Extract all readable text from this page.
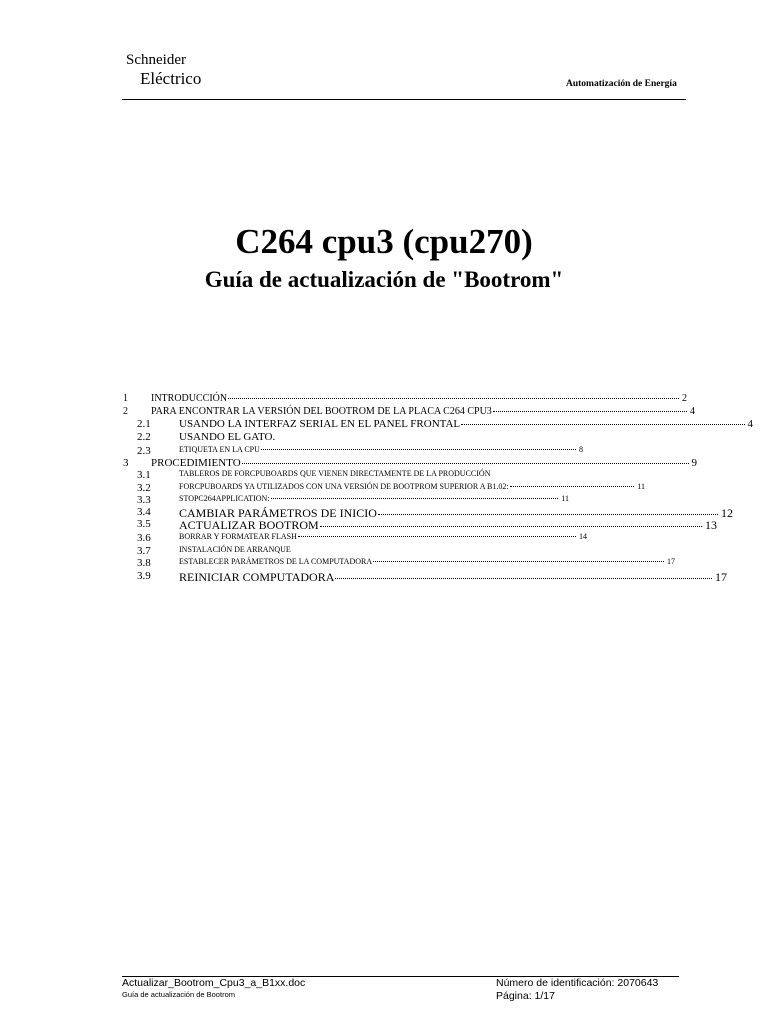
Schneider
Eléctrico	Automatización de Energía
C264 cpu3 (cpu270)
Guía de actualización de "Bootrom"
1 INTRODUCCIÓN	2
2 PARA ENCONTRAR LA VERSIÓN DEL BOOTROM DE LA PLACA C264 CPU3	4
2.1	USANDO LA INTERFAZ SERIAL EN EL PANEL FRONTAL	4
2.2	USANDO EL GATO.
2.3	ETIQUETA EN LA CPU	8
3 PROCEDIMIENTO	9
3.1	TABLEROS DE FORCPUBOARDS QUE VIENEN DIRECTAMENTE DE LA PRODUCCIÓN
3.2	FORCPUBOARDS YA UTILIZADOS CON UNA VERSIÓN DE BOOTPROM SUPERIOR A B1.02:	11
3.3	STOPC264APPLICATION:	11
3.4 CAMBIAR PARÁMETROS DE INICIO	12
3.5 ACTUALIZAR BOOTROM	13
3.6	BORRAR Y FORMATEAR FLASH	14
3.7	INSTALACIÓN DE ARRANQUE
3.8	ESTABLECER PARÁMETROS DE LA COMPUTADORA	17
3.9 REINICIAR COMPUTADORA	17
Actualizar_Bootrom_Cpu3_a_B1xx.doc
Guía de actualización de Bootrom
Número de identificación: 2070643
Página: 1/17
